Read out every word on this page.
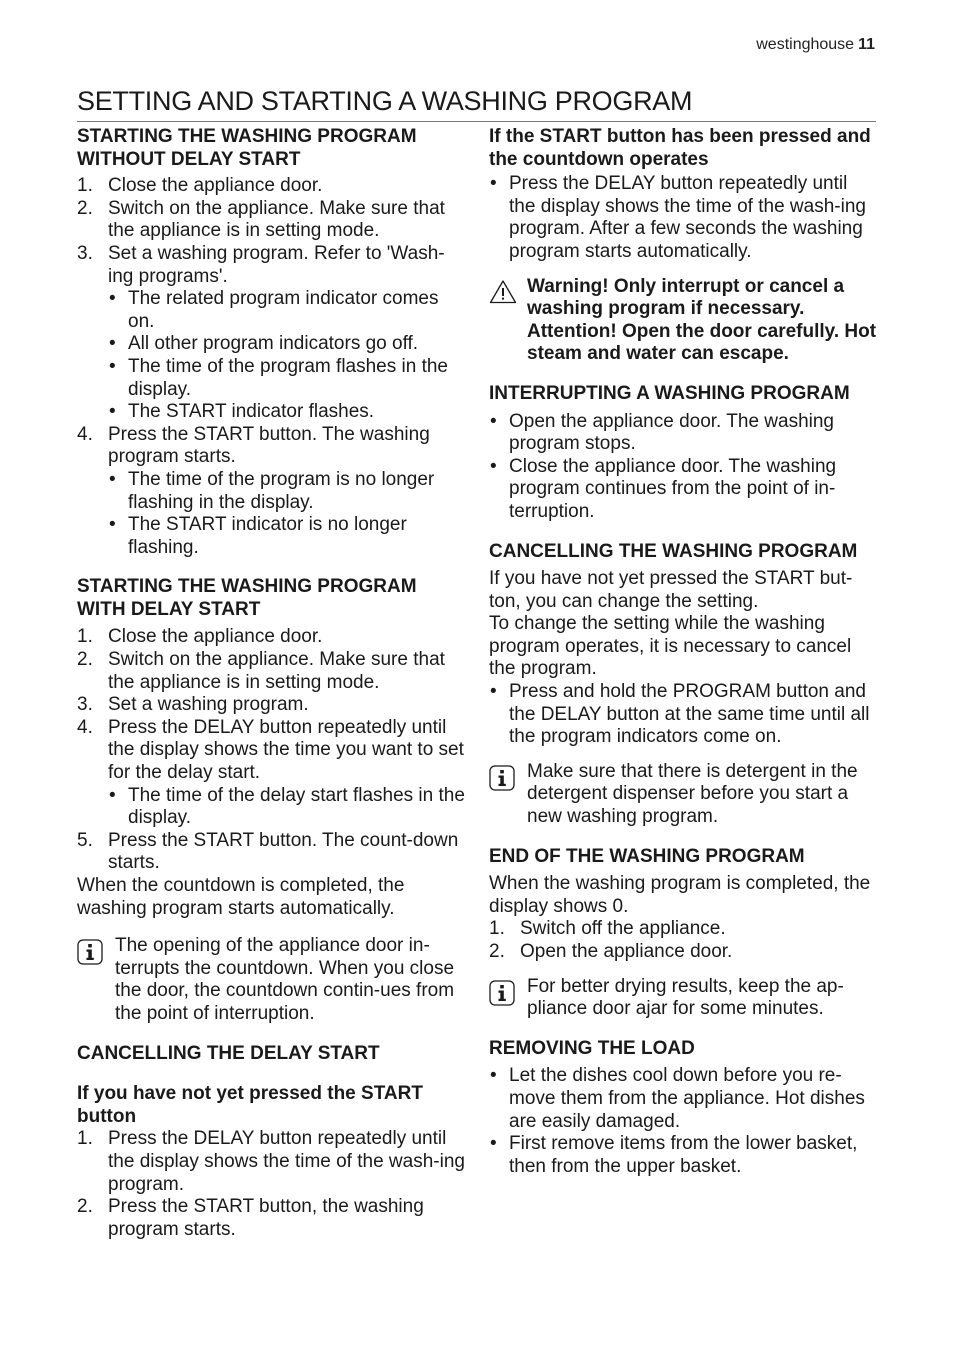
westinghouse 11
SETTING AND STARTING A WASHING PROGRAM
STARTING THE WASHING PROGRAM WITHOUT DELAY START
1. Close the appliance door.
2. Switch on the appliance. Make sure that the appliance is in setting mode.
3. Set a washing program. Refer to 'Wash-ing programs'.
• The related program indicator comes on.
• All other program indicators go off.
• The time of the program flashes in the display.
• The START indicator flashes.
4. Press the START button. The washing program starts.
• The time of the program is no longer flashing in the display.
• The START indicator is no longer flashing.
STARTING THE WASHING PROGRAM WITH DELAY START
1. Close the appliance door.
2. Switch on the appliance. Make sure that the appliance is in setting mode.
3. Set a washing program.
4. Press the DELAY button repeatedly until the display shows the time you want to set for the delay start.
• The time of the delay start flashes in the display.
5. Press the START button. The count-down starts.

When the countdown is completed, the washing program starts automatically.

The opening of the appliance door in-terrupts the countdown. When you close the door, the countdown contin-ues from the point of interruption.

CANCELLING THE DELAY START
If you have not yet pressed the START button
1. Press the DELAY button repeatedly until the display shows the time of the wash-ing program.
2. Press the START button, the washing program starts.
If the START button has been pressed and the countdown operates
• Press the DELAY button repeatedly until the display shows the time of the wash-ing program. After a few seconds the washing program starts automatically.

Warning! Only interrupt or cancel a washing program if necessary. Attention! Open the door carefully. Hot steam and water can escape.

INTERRUPTING A WASHING PROGRAM
• Open the appliance door. The washing program stops.
• Close the appliance door. The washing program continues from the point of in-terruption.
CANCELLING THE WASHING PROGRAM

If you have not yet pressed the START but-ton, you can change the setting.

To change the setting while the washing program operates, it is necessary to cancel the program.

• Press and hold the PROGRAM button and the DELAY button at the same time until all the program indicators come on.

Make sure that there is detergent in the detergent dispenser before you start a new washing program.

END OF THE WASHING PROGRAM

When the washing program is completed, the display shows 0.

1. Switch off the appliance.
2. Open the appliance door.

For better drying results, keep the ap-pliance door ajar for some minutes.

REMOVING THE LOAD
• Let the dishes cool down before you re-move them from the appliance. Hot dishes are easily damaged.
• First remove items from the lower basket, then from the upper basket.
